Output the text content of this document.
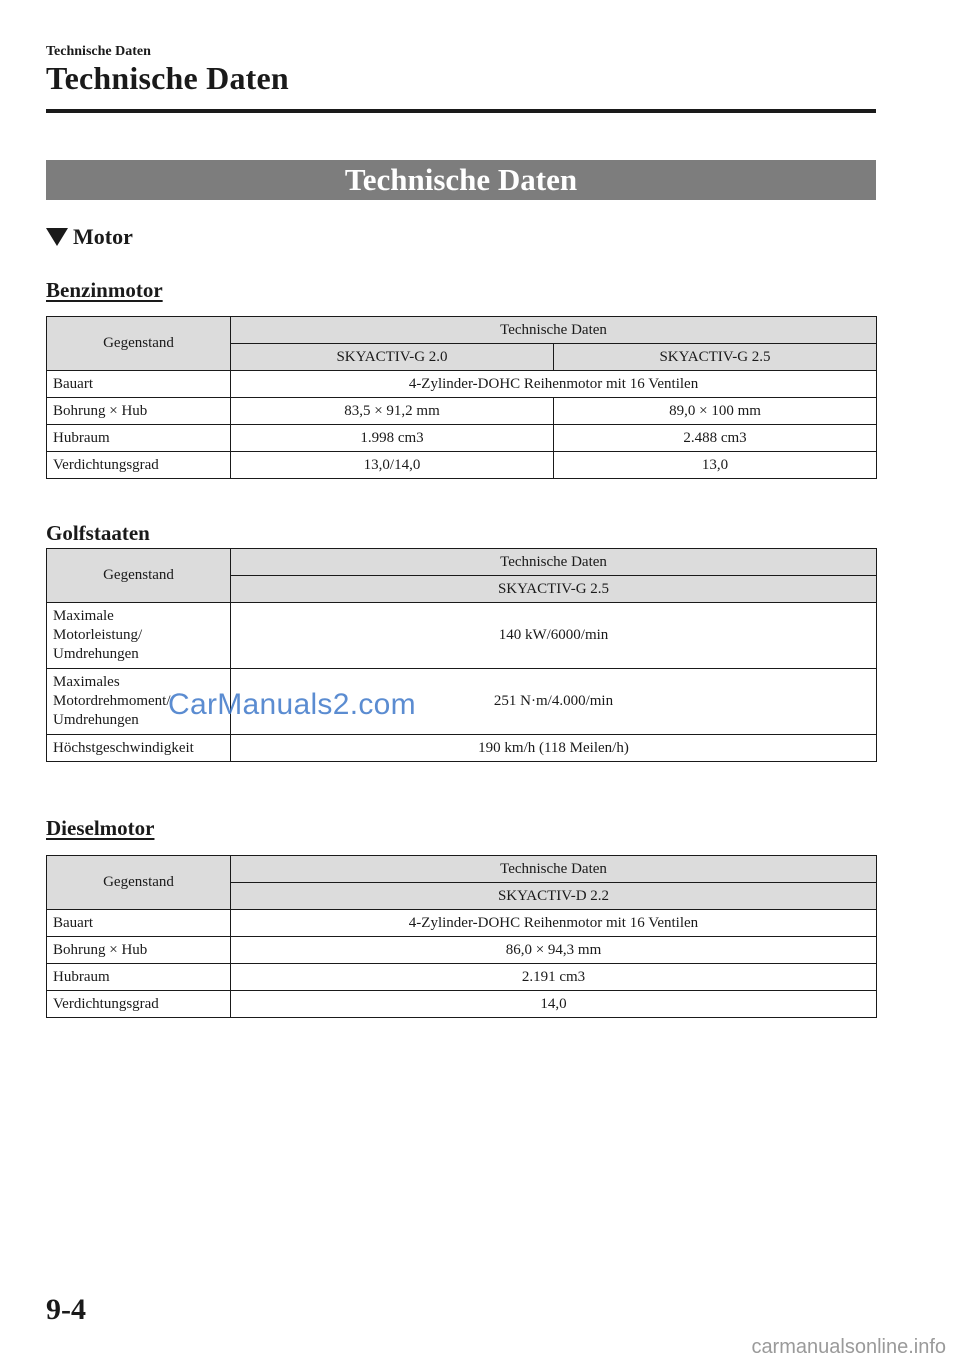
Technische Daten
Technische Daten
Technische Daten
Motor
Benzinmotor
Gegenstand	Technische Daten	
	SKYACTIV-G 2.0	SKYACTIV-G 2.5
Bauart	4-Zylinder-DOHC Reihenmotor mit 16 Ventilen	
Bohrung × Hub	83,5 × 91,2 mm	89,0 × 100 mm
Hubraum	1.998 cm3	2.488 cm3
Verdichtungsgrad	13,0/14,0	13,0
Golfstaaten
Gegenstand	Technische Daten
	SKYACTIV-G 2.5

Maximale
Motorleistung/
Umdrehungen	140 kW/6000/min

Maximales
Motordrehmoment/
Umdrehungen	251 N·m/4.000/min
Höchstgeschwindigkeit	190 km/h (118 Meilen/h)
Dieselmotor
Gegenstand	Technische Daten
	SKYACTIV-D 2.2
Bauart	4-Zylinder-DOHC Reihenmotor mit 16 Ventilen
Bohrung × Hub	86,0 × 94,3 mm
Hubraum	2.191 cm3
Verdichtungsgrad	14,0
CarManuals2.com
9-4
carmanualsonline.info
